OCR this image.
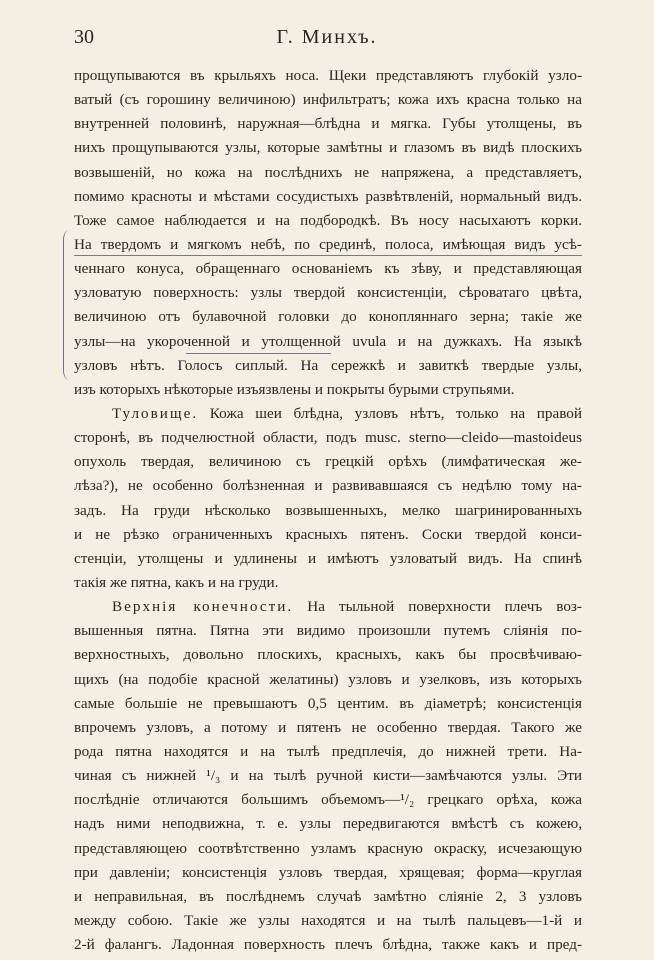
30	Г. Минхъ.
прощупываются въ крыльяхъ носа. Щеки представляютъ глубокій узло-
ватый (съ горошину величиною) инфильтратъ; кожа ихъ красна только на
внутренней половинѣ, наружная—блѣдна и мягка. Губы утолщены, въ
нихъ прощупываются узлы, которые замѣтны и глазомъ въ видѣ плоскихъ
возвышеній, но кожа на послѣднихъ не напряжена, а представляетъ,
помимо красноты и мѣстами сосудистыхъ развѣтвленій, нормальный видъ.
Тоже самое наблюдается и на подбородкѣ. Въ носу насыхаютъ корки.
На твердомъ и мягкомъ небѣ, по срединѣ, полоса, имѣющая видъ усѣ-
ченнаго конуса, обращеннаго основаніемъ къ зѣву, и представляющая
узловатую поверхность: узлы твердой консистенціи, сѣроватаго цвѣта,
величиною отъ булавочной головки до конопляннаго зерна; такіе же
узлы—на укороченной и утолщенной uvula и на дужкахъ. На языкѣ
узловъ нѣтъ. Голосъ сиплый. На сережкѣ и завиткѣ твердые узлы,
изъ которыхъ нѣкоторые изъязвлены и покрыты бурыми струпьями.
Туловище. Кожа шеи блѣдна, узловъ нѣтъ, только на правой
сторонѣ, въ подчелюстной области, подъ musc. sterno—cleido—mastoideus
опухоль твердая, величиною съ грецкій орѣхъ (лимфатическая же-
лѣза?), не особенно болѣзненная и развивавшаяся съ недѣлю тому на-
задъ. На груди нѣсколько возвышенныхъ, мелко шагринированныхъ
и не рѣзко ограниченныхъ красныхъ пятенъ. Соски твердой конси-
стенціи, утолщены и удлинены и имѣютъ узловатый видъ. На спинѣ
такія же пятна, какъ и на груди.
Верхнія конечности. На тыльной поверхности плечъ воз-
вышенныя пятна. Пятна эти видимо произошли путемъ сліянія по-
верхностныхъ, довольно плоскихъ, красныхъ, какъ бы просвѣчиваю-
щихъ (на подобіе красной желатины) узловъ и узелковъ, изъ которыхъ
самые большіе не превышаютъ 0,5 центим. въ діаметрѣ; консистенція
впрочемъ узловъ, а потому и пятенъ не особенно твердая. Такого же
рода пятна находятся и на тылѣ предплечія, до нижней трети. На-
чиная съ нижней ¹/₃ и на тылѣ ручной кисти—замѣчаются узлы. Эти
послѣдніе отличаются большимъ объемомъ—¹/₂ грецкаго орѣха, кожа
надъ ними неподвижна, т. е. узлы передвигаются вмѣстѣ съ кожею,
представляющею соотвѣтственно узламъ красную окраску, исчезающую
при давленіи; консистенція узловъ твердая, хрящевая; форма—круглая
и неправильная, въ послѣднемъ случаѣ замѣтно сліяніе 2, 3 узловъ
между собою. Такіе же узлы находятся и на тылѣ пальцевъ—1-й и
2-й фалангъ. Ладонная поверхность плечъ блѣдна, также какъ и пред-
